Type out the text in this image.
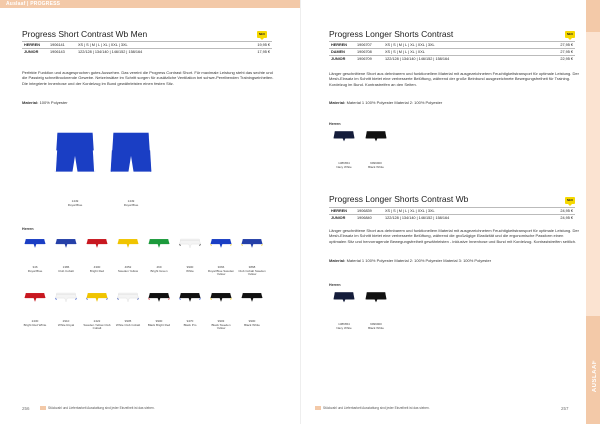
Auslaaf | PROGRESS
Progress Short Contrast Wb Men
HERREN	1906141	XS | S | M | L | XL | XXL | 3XL	19,95 €
JUNIOR	1906143	122/128 | 134/140 | 146/152 | 158/164	17,95 €
NEU
Perfekte Funktion und ausgesprochen gutes Aussehen. Das vereint die Progress Contrast Short. Für maximale Leistung steht das sechte und die Passteig schnelltrocknende Gewebe. Netzeinsätze im Schritt sorgen für zusätzliche Ventilation bei schwe-Perelbenden Trainingseinheiten. Die integrierte Innenhose und der Kordelzug im Bund gewährleisten einen festen Sitz.
Material: 100% Polyester
1449
Royal Blue
1449
Royal Blue
Herren
346
Royal Blue
1386
Club Cobalt
4300
Bright Red
4652
Sweden Yellow
469
Bright Green
9900
White
3066
Royal Blue Sweden Yellow
3868
Club Cobalt Sweden Yellow
2430
Bright Red White
2910
White Royal
2422
Sweden Yellow Club Cobalt
9905
White Club Cobalt
9900
Black Bright Red
9470
Black Pro
9903
Black Sweden Yellow
9900
Black White
Stückzahl und Lieferbarkeit Ausstattung sind jeder Einzelheit ist das sieben.
256
AUSLAAF
Progress Longer Shorts Contrast
HERREN	1906707	XS | S | M | L | XL | XXL | 3XL	27,95 €
DAMEN	1906708	XS | S | M | L | XL | XXL	27,95 €
JUNIOR	1906709	122/128 | 134/140 | 146/152 | 158/164	22,95 €
NEU
Länger geschnittene Short aus dehnbarem und funktionellem Material mit ausgezeichnetem Feuchtigkeitstransport für optimale Leistung. Der Mesh-Einsatz im Schritt bietet eine verbesserte Belüftung, während der große Beinbund ausgezeichnete Bewegungsfreiheit für Training. Kordelzug im Bund. Kontrastreifen an den Seiten.
Material: Material 1 100% Polyester Material 2: 100% Polyester
Herren
1386654
Navy White
9999900
Black White
Progress Longer Shorts Contrast Wb
HERREN	1906839	XS | S | M | L | XL | XXL | 3XL	24,95 €
JUNIOR	1906840	122/128 | 134/140 | 146/152 | 158/164	24,95 €
NEU
Länger geschnittene Short aus dehnbarem und funktionellem Material mit ausgezeichnetem Feuchtigkeitstransport für optimale Leistung. Der Mesh-Einsatz im Schritt bietet eine verbesserte Belüftung, während die großzügige Elastizität und die ergonomische Passform einen optimalen Sitz und hervorragende Bewegungsfreiheit gewährleisten - inklusive Innenhose und Bund mit Kordelzug. Kontraststreifen seitlich.
Material: Material 1 100% Polyester Material 2: 100% Polyester Material 3: 100% Polyester
Herren
1386654
Navy White
9999900
Black White
Stückzahl und Lieferbarkeit Ausstattung sind jeder Einzelheit ist das sieben.	257
